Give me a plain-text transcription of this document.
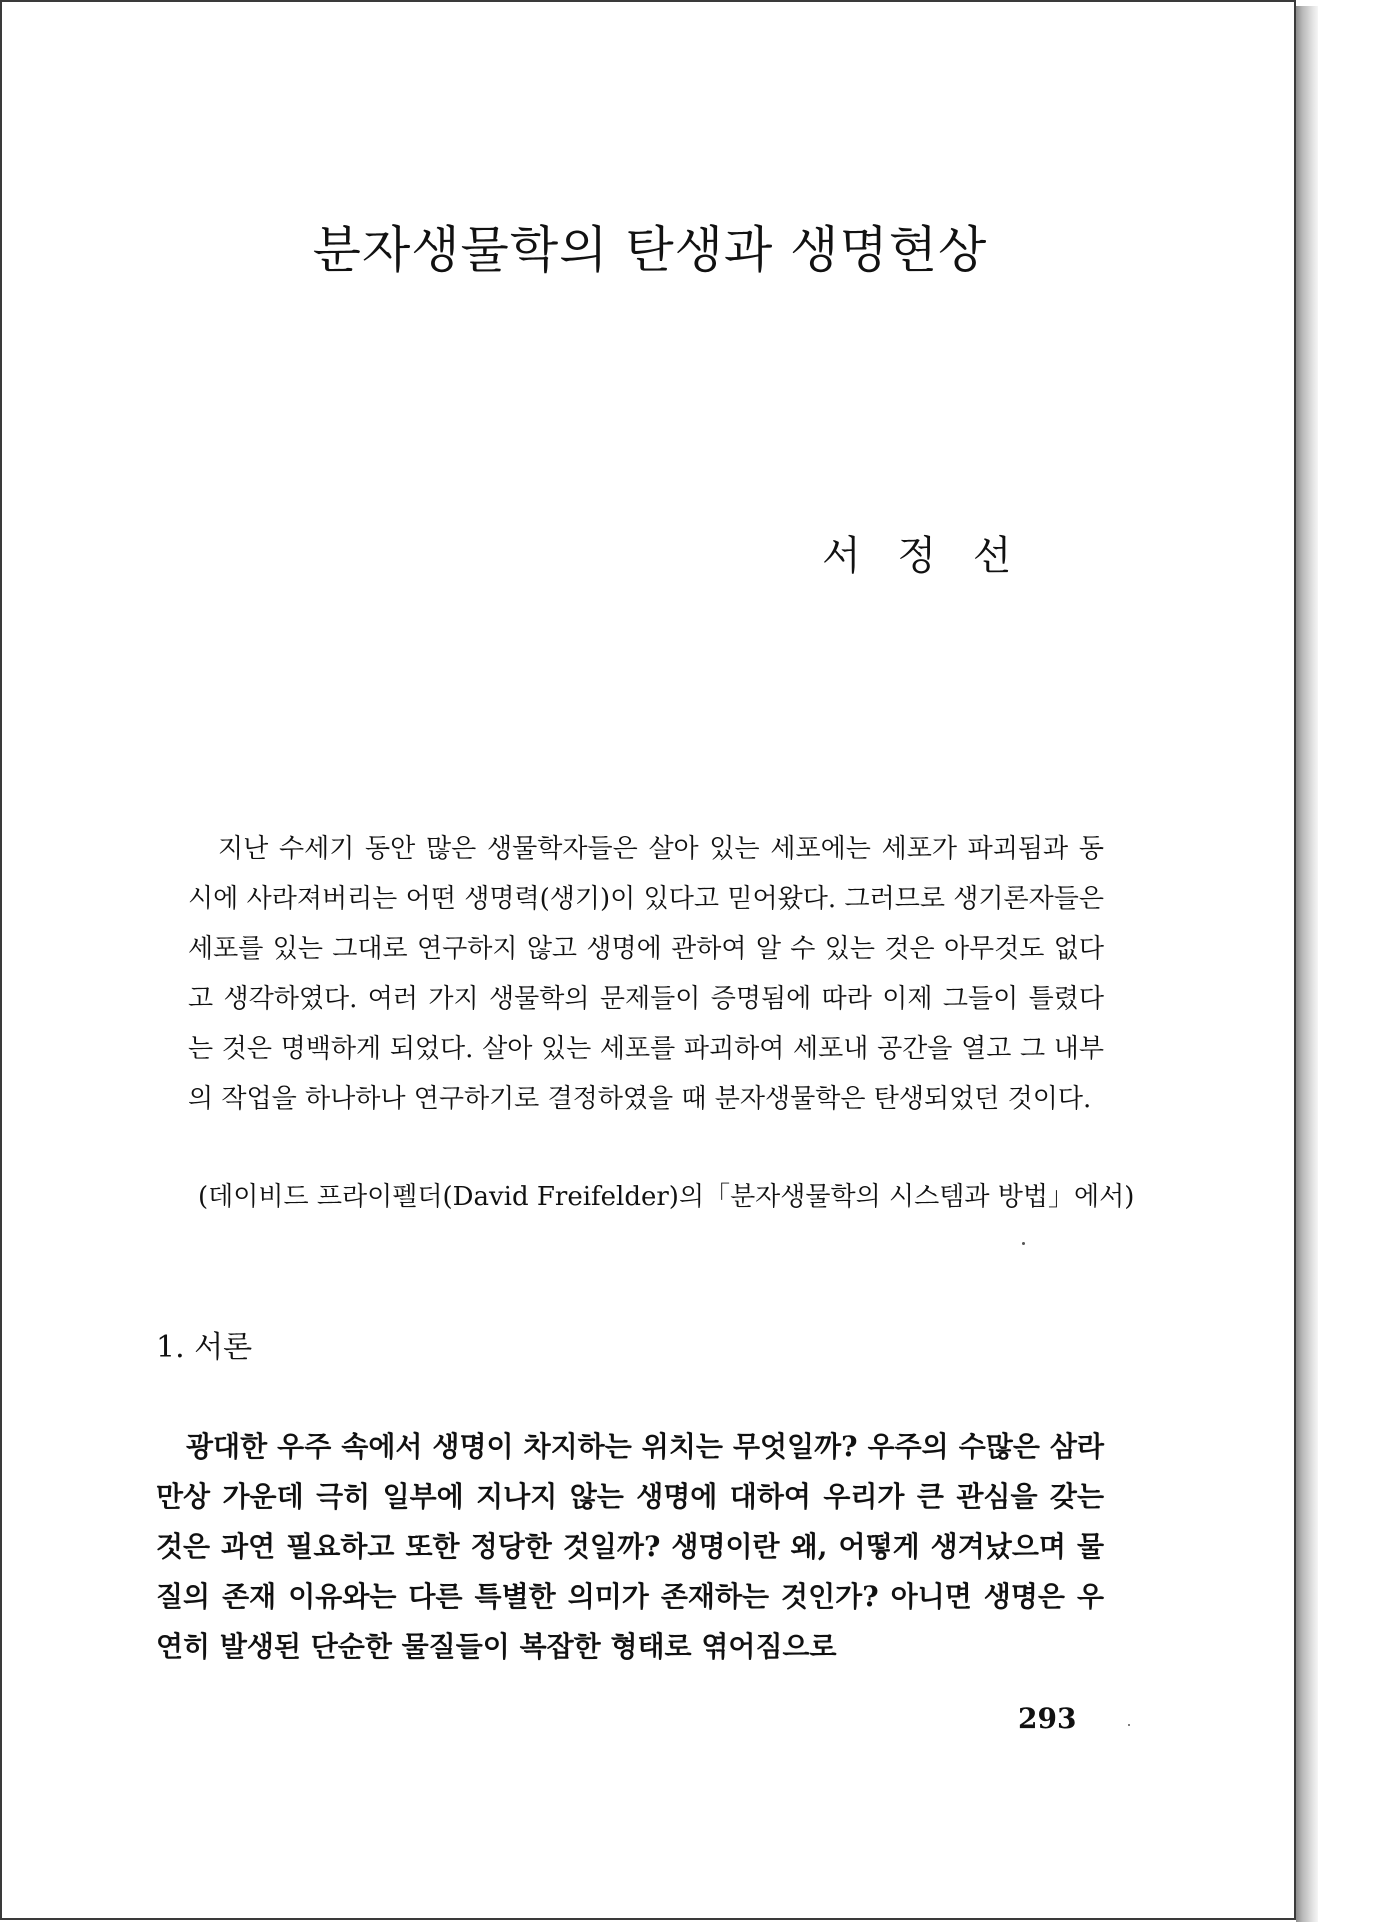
분자생물학의 탄생과 생명현상
서 정 선

지난 수세기 동안 많은 생물학자들은 살아 있는 세포에는 세포가 파괴됨과 동시에 사라져버리는 어떤 생명력(생기)이 있다고 믿어왔다. 그러므로 생기론자들은 세포를 있는 그대로 연구하지 않고 생명에 관하여 알 수 있는 것은 아무것도 없다고 생각하였다. 여러 가지 생물학의 문제들이 증명됨에 따라 이제 그들이 틀렸다는 것은 명백하게 되었다. 살아 있는 세포를 파괴하여 세포내 공간을 열고 그 내부의 작업을 하나하나 연구하기로 결정하였을 때 분자생물학은 탄생되었던 것이다.

(데이비드 프라이펠더(David Freifelder)의「분자생물학의 시스템과 방법」에서)
1. 서론

광대한 우주 속에서 생명이 차지하는 위치는 무엇일까? 우주의 수많은 삼라만상 가운데 극히 일부에 지나지 않는 생명에 대하여 우리가 큰 관심을 갖는 것은 과연 필요하고 또한 정당한 것일까? 생명이란 왜, 어떻게 생겨났으며 물질의 존재 이유와는 다른 특별한 의미가 존재하는 것인가? 아니면 생명은 우연히 발생된 단순한 물질들이 복잡한 형태로 엮어짐으로

293
